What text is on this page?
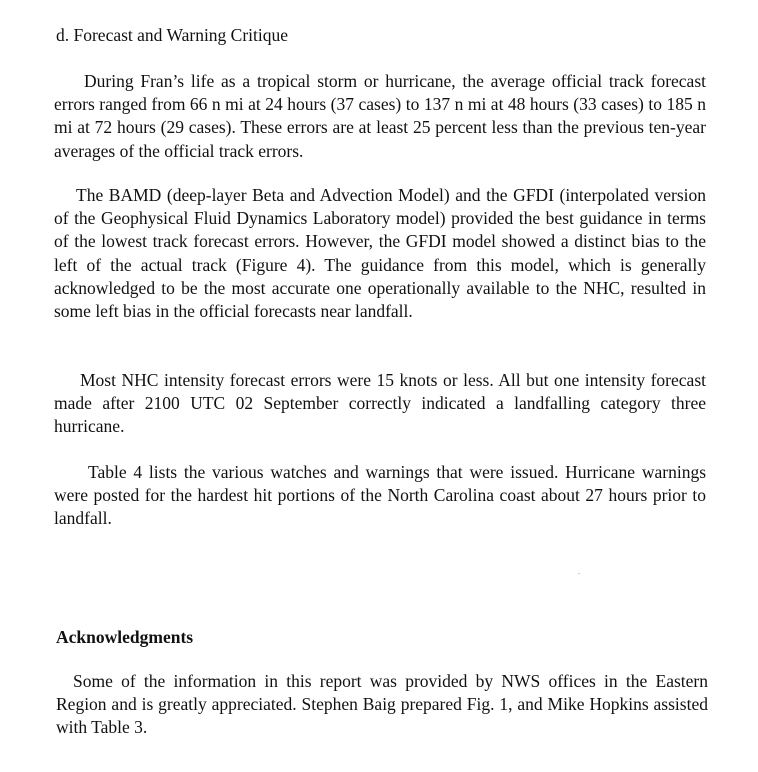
d. Forecast and Warning Critique

During Fran’s life as a tropical storm or hurricane, the average official track forecast errors ranged from 66 n mi at 24 hours (37 cases) to 137 n mi at 48 hours (33 cases) to 185 n mi at 72 hours (29 cases). These errors are at least 25 percent less than the previous ten-year averages of the official track errors.

The BAMD (deep-layer Beta and Advection Model) and the GFDI (interpolated version of the Geophysical Fluid Dynamics Laboratory model) provided the best guidance in terms of the lowest track forecast errors. However, the GFDI model showed a distinct bias to the left of the actual track (Figure 4). The guidance from this model, which is generally acknowledged to be the most accurate one operationally available to the NHC, resulted in some left bias in the official forecasts near landfall.

Most NHC intensity forecast errors were 15 knots or less. All but one intensity forecast made after 2100 UTC 02 September correctly indicated a landfalling category three hurricane.

Table 4 lists the various watches and warnings that were issued. Hurricane warnings were posted for the hardest hit portions of the North Carolina coast about 27 hours prior to landfall.

Acknowledgments

Some of the information in this report was provided by NWS offices in the Eastern Region and is greatly appreciated. Stephen Baig prepared Fig. 1, and Mike Hopkins assisted with Table 3.
